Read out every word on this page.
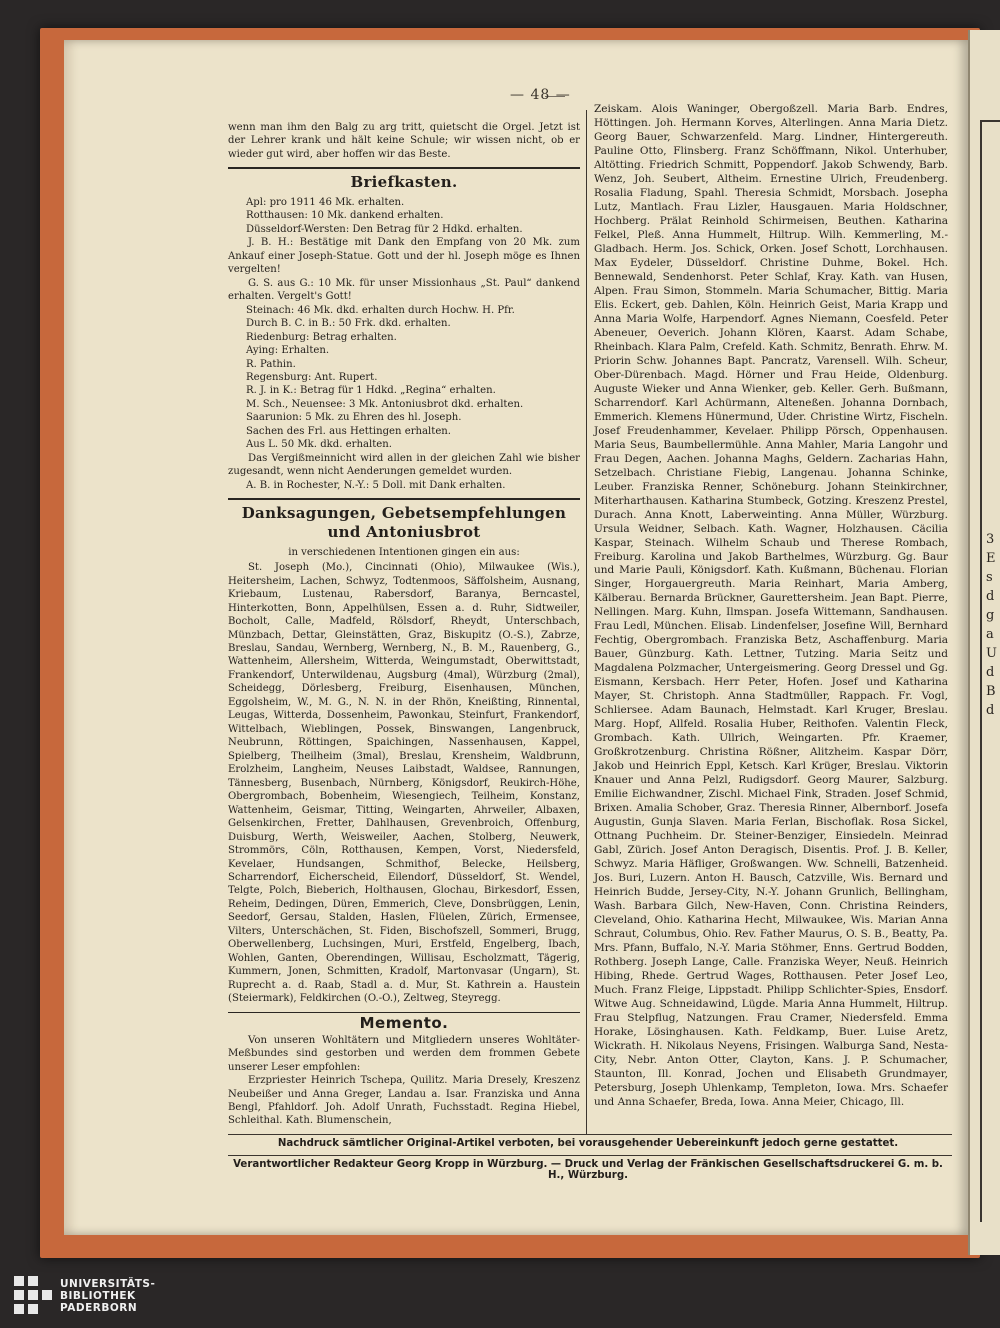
3 E s d g a U d B d
— 48 —

wenn man ihm den Balg zu arg tritt, quietscht die Orgel. Jetzt ist der Lehrer krank und hält keine Schule; wir wissen nicht, ob er wieder gut wird, aber hoffen wir das Beste.

Briefkasten.

Apl: pro 1911 46 Mk. erhalten.

Rotthausen: 10 Mk. dankend erhalten.

Düsseldorf-Wersten: Den Betrag für 2 Hdkd. erhalten.

J. B. H.: Bestätige mit Dank den Empfang von 20 Mk. zum Ankauf einer Joseph-Statue. Gott und der hl. Joseph möge es Ihnen vergelten!

G. S. aus G.: 10 Mk. für unser Missionhaus „St. Paul“ dankend erhalten. Vergelt's Gott!

Steinach: 46 Mk. dkd. erhalten durch Hochw. H. Pfr.

Durch B. C. in B.: 50 Frk. dkd. erhalten.

Riedenburg: Betrag erhalten.

Aying: Erhalten.

R. Pathin.

Regensburg: Ant. Rupert.

R. J. in K.: Betrag für 1 Hdkd. „Regina“ erhalten.

M. Sch., Neuensee: 3 Mk. Antoniusbrot dkd. erhalten.

Saarunion: 5 Mk. zu Ehren des hl. Joseph.

Sachen des Frl. aus Hettingen erhalten.

Aus L. 50 Mk. dkd. erhalten.

Das Vergißmeinnicht wird allen in der gleichen Zahl wie bisher zugesandt, wenn nicht Aenderungen gemeldet wurden.

A. B. in Rochester, N.-Y.: 5 Doll. mit Dank erhalten.

Danksagungen, Gebetsempfehlungen und Antoniusbrot
in verschiedenen Intentionen gingen ein aus:

St. Joseph (Mo.), Cincinnati (Ohio), Milwaukee (Wis.), Heitersheim, Lachen, Schwyz, Todtenmoos, Säffolsheim, Ausnang, Kriebaum, Lustenau, Rabersdorf, Baranya, Berncastel, Hinterkotten, Bonn, Appelhülsen, Essen a. d. Ruhr, Sidtweiler, Bocholt, Calle, Madfeld, Rölsdorf, Rheydt, Unterschbach, Münzbach, Dettar, Gleinstätten, Graz, Biskupitz (O.-S.), Zabrze, Breslau, Sandau, Wernberg, Wernberg, N., B. M., Rauenberg, G., Wattenheim, Allersheim, Witterda, Weingumstadt, Oberwittstadt, Frankendorf, Unterwildenau, Augsburg (4mal), Würzburg (2mal), Scheidegg, Dörlesberg, Freiburg, Eisenhausen, München, Eggolsheim, W., M. G., N. N. in der Rhön, Kneißting, Rinnental, Leugas, Witterda, Dossenheim, Pawonkau, Steinfurt, Frankendorf, Wittelbach, Wieblingen, Possek, Binswangen, Langenbruck, Neubrunn, Röttingen, Spaichingen, Nassenhausen, Kappel, Spielberg, Theilheim (3mal), Breslau, Krensheim, Waldbrunn, Erolzheim, Langheim, Neuses Laibstadt, Waldsee, Rannungen, Tännesberg, Busenbach, Nürnberg, Königsdorf, Reukirch-Höhe, Obergrombach, Bobenheim, Wiesengiech, Teilheim, Konstanz, Wattenheim, Geismar, Titting, Weingarten, Ahrweiler, Albaxen, Gelsenkirchen, Fretter, Dahlhausen, Grevenbroich, Offenburg, Duisburg, Werth, Weisweiler, Aachen, Stolberg, Neuwerk, Strommörs, Cöln, Rotthausen, Kempen, Vorst, Niedersfeld, Kevelaer, Hundsangen, Schmithof, Belecke, Heilsberg, Scharrendorf, Eicherscheid, Eilendorf, Düsseldorf, St. Wendel, Telgte, Polch, Bieberich, Holthausen, Glochau, Birkesdorf, Essen, Reheim, Dedingen, Düren, Emmerich, Cleve, Donsbrüggen, Lenin, Seedorf, Gersau, Stalden, Haslen, Flüelen, Zürich, Ermensee, Vilters, Unterschächen, St. Fiden, Bischofszell, Sommeri, Brugg, Oberwellenberg, Luchsingen, Muri, Erstfeld, Engelberg, Ibach, Wohlen, Ganten, Oberendingen, Willisau, Escholzmatt, Tägerig, Kummern, Jonen, Schmitten, Kradolf, Martonvasar (Ungarn), St. Ruprecht a. d. Raab, Stadl a. d. Mur, St. Kathrein a. Haustein (Steiermark), Feldkirchen (O.-O.), Zeltweg, Steyregg.

Memento.

Von unseren Wohltätern und Mitgliedern unseres Wohltäter-Meßbundes sind gestorben und werden dem frommen Gebete unserer Leser empfohlen:

Erzpriester Heinrich Tschepa, Quilitz. Maria Dresely, Kreszenz Neubeißer und Anna Greger, Landau a. Isar. Franziska und Anna Bengl, Pfahldorf. Joh. Adolf Unrath, Fuchsstadt. Regina Hiebel, Schleithal. Kath. Blumenschein,

Zeiskam. Alois Waninger, Obergoßzell. Maria Barb. Endres, Höttingen. Joh. Hermann Korves, Alterlingen. Anna Maria Dietz. Georg Bauer, Schwarzenfeld. Marg. Lindner, Hintergereuth. Pauline Otto, Flinsberg. Franz Schöffmann, Nikol. Unterhuber, Altötting. Friedrich Schmitt, Poppendorf. Jakob Schwendy, Barb. Wenz, Joh. Seubert, Altheim. Ernestine Ulrich, Freudenberg. Rosalia Fladung, Spahl. Theresia Schmidt, Morsbach. Josepha Lutz, Mantlach. Frau Lizler, Hausgauen. Maria Holdschner, Hochberg. Prälat Reinhold Schirmeisen, Beuthen. Katharina Felkel, Pleß. Anna Hummelt, Hiltrup. Wilh. Kemmerling, M.-Gladbach. Herm. Jos. Schick, Orken. Josef Schott, Lorchhausen. Max Eydeler, Düsseldorf. Christine Duhme, Bokel. Hch. Bennewald, Sendenhorst. Peter Schlaf, Kray. Kath. van Husen, Alpen. Frau Simon, Stommeln. Maria Schumacher, Bittig. Maria Elis. Eckert, geb. Dahlen, Köln. Heinrich Geist, Maria Krapp und Anna Maria Wolfe, Harpendorf. Agnes Niemann, Coesfeld. Peter Abeneuer, Oeverich. Johann Klören, Kaarst. Adam Schabe, Rheinbach. Klara Palm, Crefeld. Kath. Schmitz, Benrath. Ehrw. M. Priorin Schw. Johannes Bapt. Pancratz, Varensell. Wilh. Scheur, Ober-Dürenbach. Magd. Hörner und Frau Heide, Oldenburg. Auguste Wieker und Anna Wienker, geb. Keller. Gerh. Bußmann, Scharrendorf. Karl Achürmann, Alteneßen. Johanna Dornbach, Emmerich. Klemens Hünermund, Uder. Christine Wirtz, Fischeln. Josef Freudenhammer, Kevelaer. Philipp Pörsch, Oppenhausen. Maria Seus, Baumbellermühle. Anna Mahler, Maria Langohr und Frau Degen, Aachen. Johanna Maghs, Geldern. Zacharias Hahn, Setzelbach. Christiane Fiebig, Langenau. Johanna Schinke, Leuber. Franziska Renner, Schöneburg. Johann Steinkirchner, Miterharthausen. Katharina Stumbeck, Gotzing. Kreszenz Prestel, Durach. Anna Knott, Laberweinting. Anna Müller, Würzburg. Ursula Weidner, Selbach. Kath. Wagner, Holzhausen. Cäcilia Kaspar, Steinach. Wilhelm Schaub und Therese Rombach, Freiburg. Karolina und Jakob Barthelmes, Würzburg. Gg. Baur und Marie Pauli, Königsdorf. Kath. Kußmann, Büchenau. Florian Singer, Horgauergreuth. Maria Reinhart, Maria Amberg, Kälberau. Bernarda Brückner, Gaurettersheim. Jean Bapt. Pierre, Nellingen. Marg. Kuhn, Ilmspan. Josefa Wittemann, Sandhausen. Frau Ledl, München. Elisab. Lindenfelser, Josefine Will, Bernhard Fechtig, Obergrombach. Franziska Betz, Aschaffenburg. Maria Bauer, Günzburg. Kath. Lettner, Tutzing. Maria Seitz und Magdalena Polzmacher, Untergeismering. Georg Dressel und Gg. Eismann, Kersbach. Herr Peter, Hofen. Josef und Katharina Mayer, St. Christoph. Anna Stadtmüller, Rappach. Fr. Vogl, Schliersee. Adam Baunach, Helmstadt. Karl Kruger, Breslau. Marg. Hopf, Allfeld. Rosalia Huber, Reithofen. Valentin Fleck, Grombach. Kath. Ullrich, Weingarten. Pfr. Kraemer, Großkrotzenburg. Christina Rößner, Alitzheim. Kaspar Dörr, Jakob und Heinrich Eppl, Ketsch. Karl Krüger, Breslau. Viktorin Knauer und Anna Pelzl, Rudigsdorf. Georg Maurer, Salzburg. Emilie Eichwandner, Zischl. Michael Fink, Straden. Josef Schmid, Brixen. Amalia Schober, Graz. Theresia Rinner, Albernborf. Josefa Augustin, Gunja Slaven. Maria Ferlan, Bischoflak. Rosa Sickel, Ottnang Puchheim. Dr. Steiner-Benziger, Einsiedeln. Meinrad Gabl, Zürich. Josef Anton Deragisch, Disentis. Prof. J. B. Keller, Schwyz. Maria Häfliger, Großwangen. Ww. Schnelli, Batzenheid. Jos. Buri, Luzern. Anton H. Bausch, Catzville, Wis. Bernard und Heinrich Budde, Jersey-City, N.-Y. Johann Grunlich, Bellingham, Wash. Barbara Gilch, New-Haven, Conn. Christina Reinders, Cleveland, Ohio. Katharina Hecht, Milwaukee, Wis. Marian Anna Schraut, Columbus, Ohio. Rev. Father Maurus, O. S. B., Beatty, Pa. Mrs. Pfann, Buffalo, N.-Y. Maria Stöhmer, Enns. Gertrud Bodden, Rothberg. Joseph Lange, Calle. Franziska Weyer, Neuß. Heinrich Hibing, Rhede. Gertrud Wages, Rotthausen. Peter Josef Leo, Much. Franz Fleige, Lippstadt. Philipp Schlichter-Spies, Ensdorf. Witwe Aug. Schneidawind, Lügde. Maria Anna Hummelt, Hiltrup. Frau Stelpflug, Natzungen. Frau Cramer, Niedersfeld. Emma Horake, Lösinghausen. Kath. Feldkamp, Buer. Luise Aretz, Wickrath. H. Nikolaus Neyens, Frisingen. Walburga Sand, Nesta-City, Nebr. Anton Otter, Clayton, Kans. J. P. Schumacher, Staunton, Ill. Konrad, Jochen und Elisabeth Grundmayer, Petersburg, Joseph Uhlenkamp, Templeton, Iowa. Mrs. Schaefer und Anna Schaefer, Breda, Iowa. Anna Meier, Chicago, Ill.

Nachdruck sämtlicher Original-Artikel verboten, bei vorausgehender Uebereinkunft jedoch gerne gestattet.
Verantwortlicher Redakteur Georg Kropp in Würzburg. — Druck und Verlag der Fränkischen Gesellschaftsdruckerei G. m. b. H., Würzburg.
UNIVERSITÄTS-
BIBLIOTHEK
PADERBORN
